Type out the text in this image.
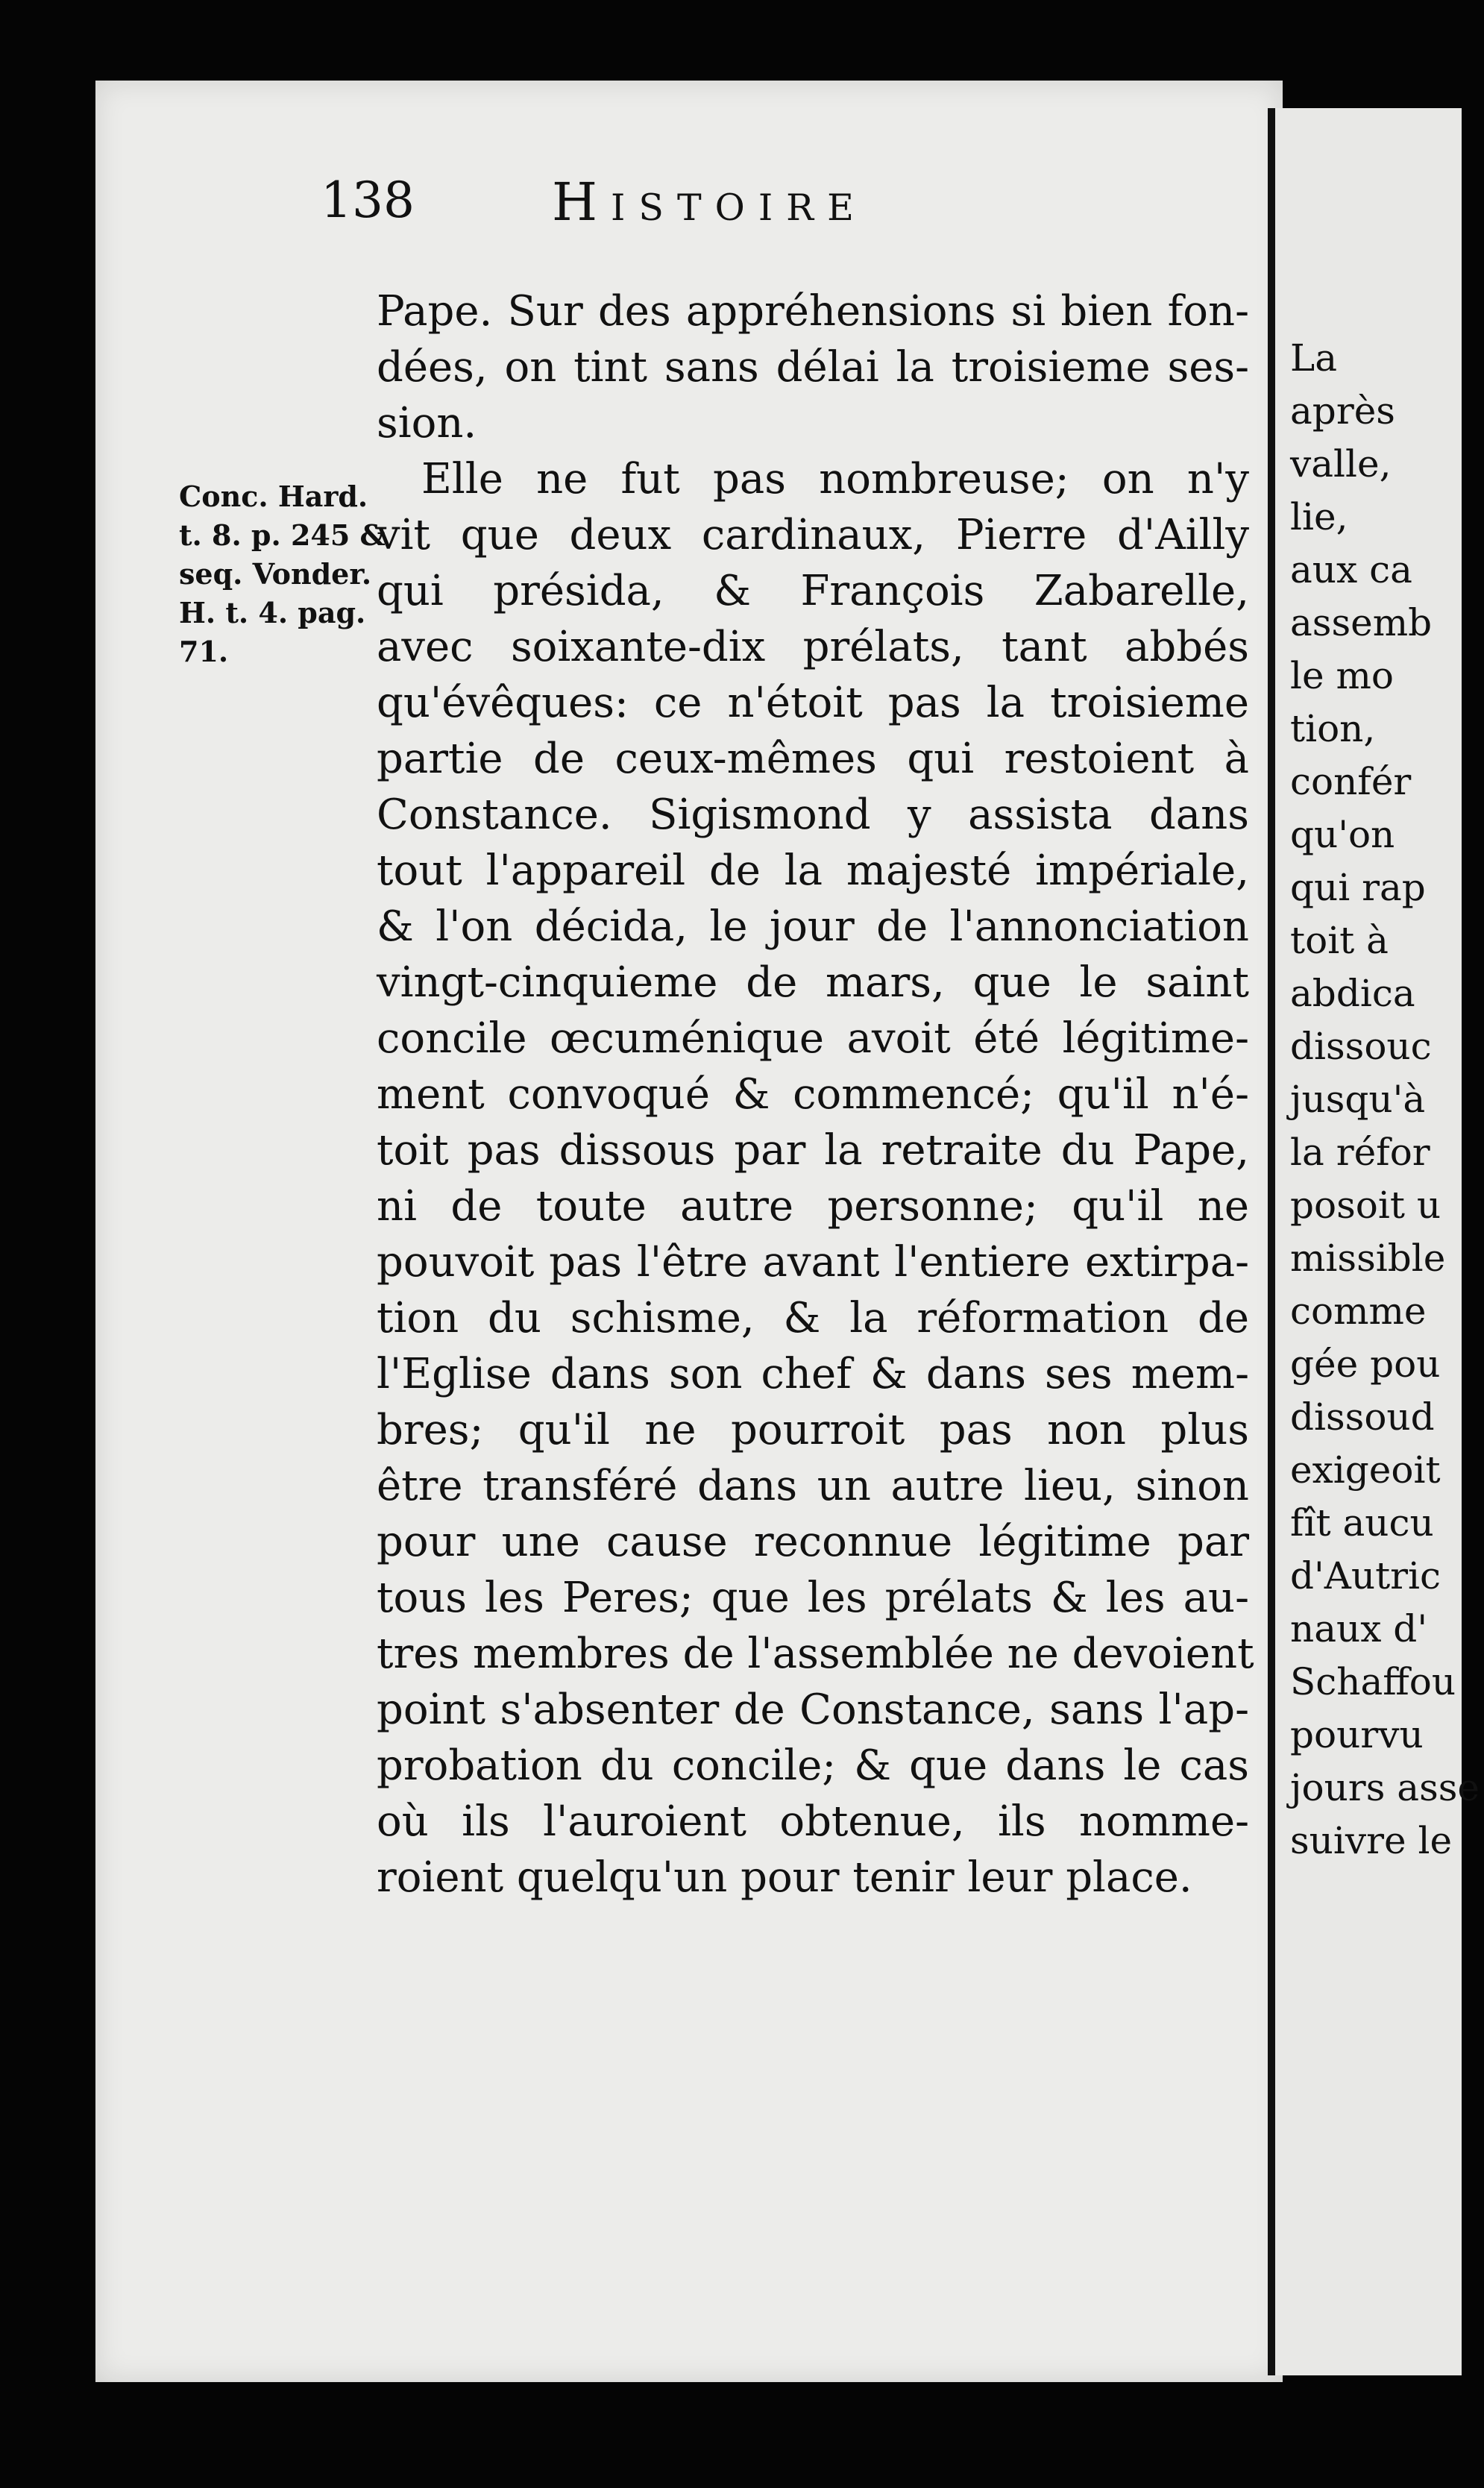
La
après
valle,
lie,
aux ca
assemb
le mo
tion,
confér
qu'on
qui rap
toit à
abdica
dissouc
jusqu'à
la réfor
posoit u
missible
comme
gée pou
dissoud
exigeoit
fît aucu
d'Autric
naux d'
Schaffou
pourvu
jours asse
suivre le
138	Histoire
Conc. Hard.
t. 8. p. 245 &
seq. Vonder.
H. t. 4. pag.
71.
Pape. Sur des appréhensions si bien fon-
dées, on tint sans délai la troisieme ses-
sion.
Elle ne fut pas nombreuse; on n'y
vit que deux cardinaux, Pierre d'Ailly
qui présida, & François Zabarelle,
avec soixante-dix prélats, tant abbés
qu'évêques: ce n'étoit pas la troisieme
partie de ceux-mêmes qui restoient à
Constance. Sigismond y assista dans
tout l'appareil de la majesté impériale,
& l'on décida, le jour de l'annonciation
vingt-cinquieme de mars, que le saint
concile œcuménique avoit été légitime-
ment convoqué & commencé; qu'il n'é-
toit pas dissous par la retraite du Pape,
ni de toute autre personne; qu'il ne
pouvoit pas l'être avant l'entiere extirpa-
tion du schisme, & la réformation de
l'Eglise dans son chef & dans ses mem-
bres; qu'il ne pourroit pas non plus
être transféré dans un autre lieu, sinon
pour une cause reconnue légitime par
tous les Peres; que les prélats & les au-
tres membres de l'assemblée ne devoient
point s'absenter de Constance, sans l'ap-
probation du concile; & que dans le cas
où ils l'auroient obtenue, ils nomme-
roient quelqu'un pour tenir leur place.
